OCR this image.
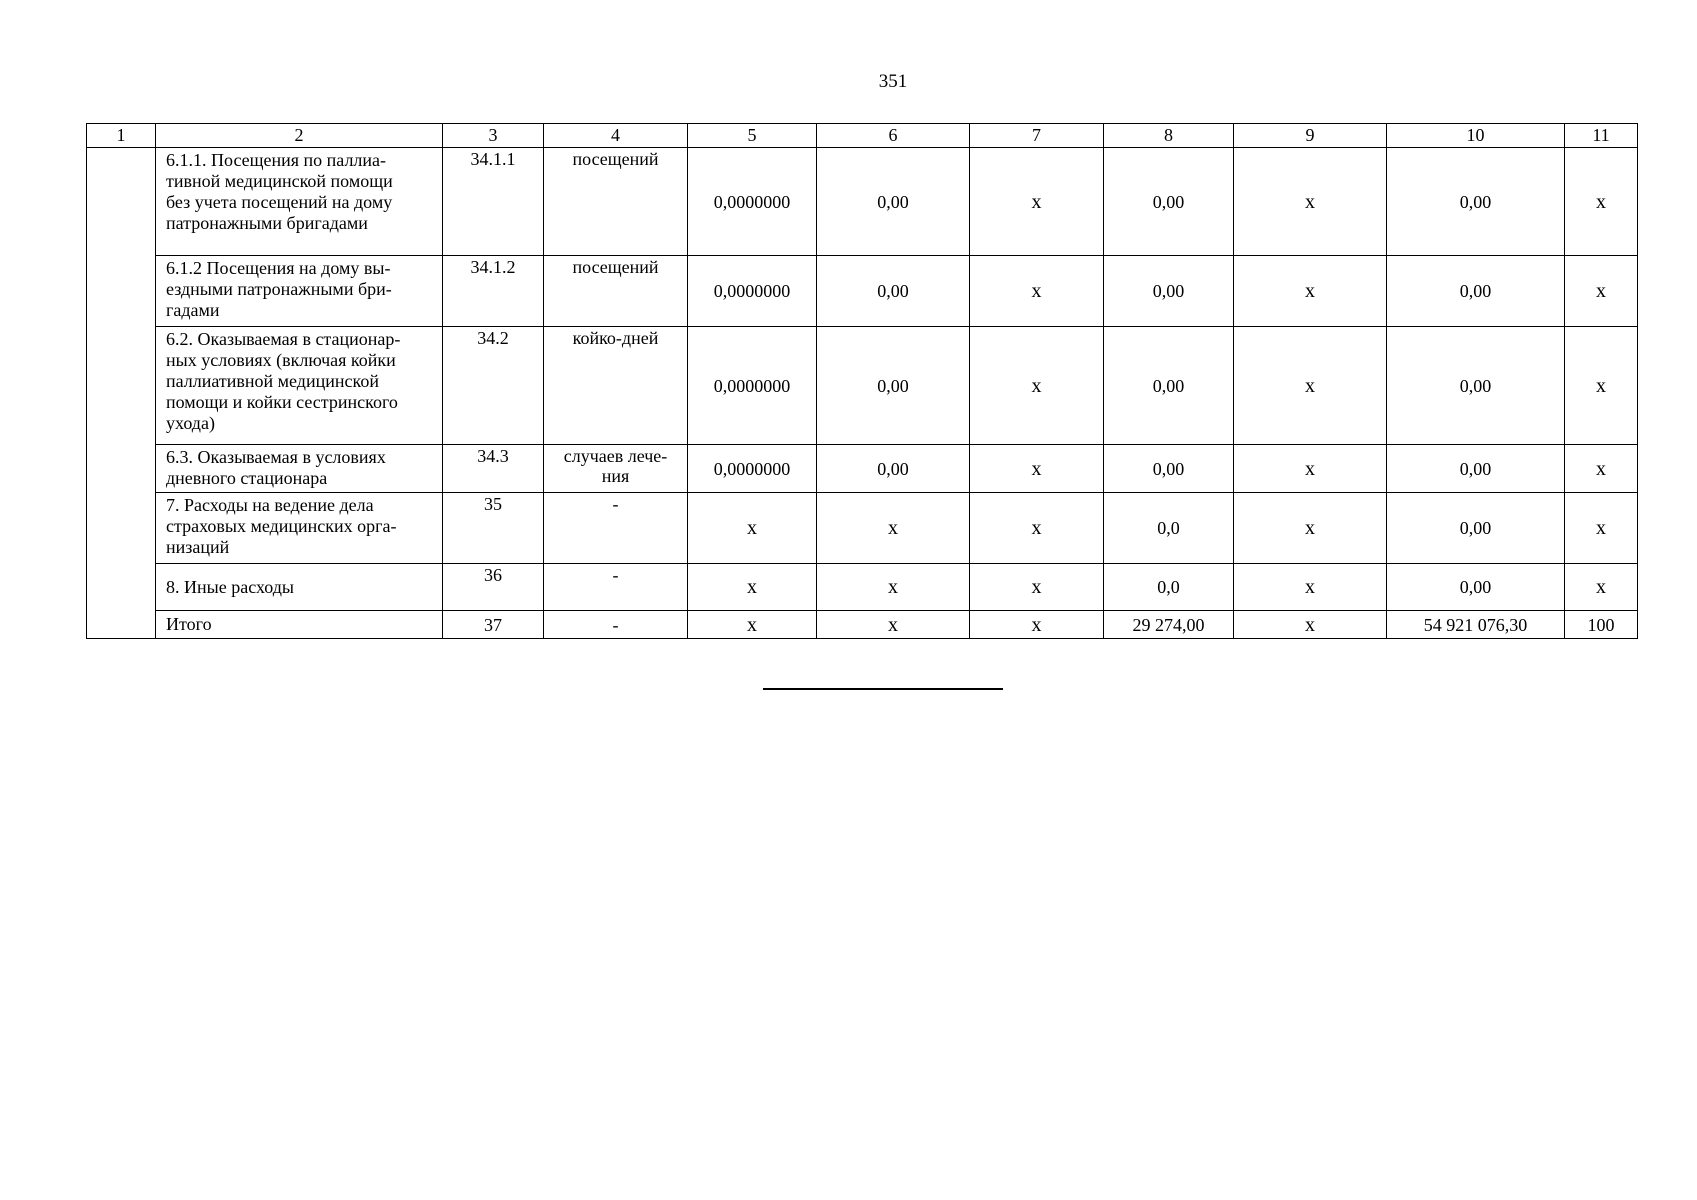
351
1	2	3	4	5	6	7	8	9	10	11
	6.1.1. Посещения по паллиа-
тивной медицинской помощи
без учета посещений на дому
патронажными бригадами	34.1.1	посещений	0,0000000	0,00	х	0,00	х	0,00	х
	6.1.2 Посещения на дому вы-
ездными патронажными бри-
гадами	34.1.2	посещений	0,0000000	0,00	х	0,00	х	0,00	х
	6.2. Оказываемая в стационар-
ных условиях (включая койки
паллиативной медицинской
помощи и койки сестринского
ухода)	34.2	койко-дней	0,0000000	0,00	х	0,00	х	0,00	х
	6.3. Оказываемая в условиях
дневного стационара	34.3	случаев лече-
ния	0,0000000	0,00	х	0,00	х	0,00	х
	7. Расходы на ведение дела
страховых медицинских орга-
низаций	35	-	х	х	х	0,0	х	0,00	х
	8. Иные расходы	36	-	х	х	х	0,0	х	0,00	х
	Итого	37	-	х	х	х	29 274,00	х	54 921 076,30	100
